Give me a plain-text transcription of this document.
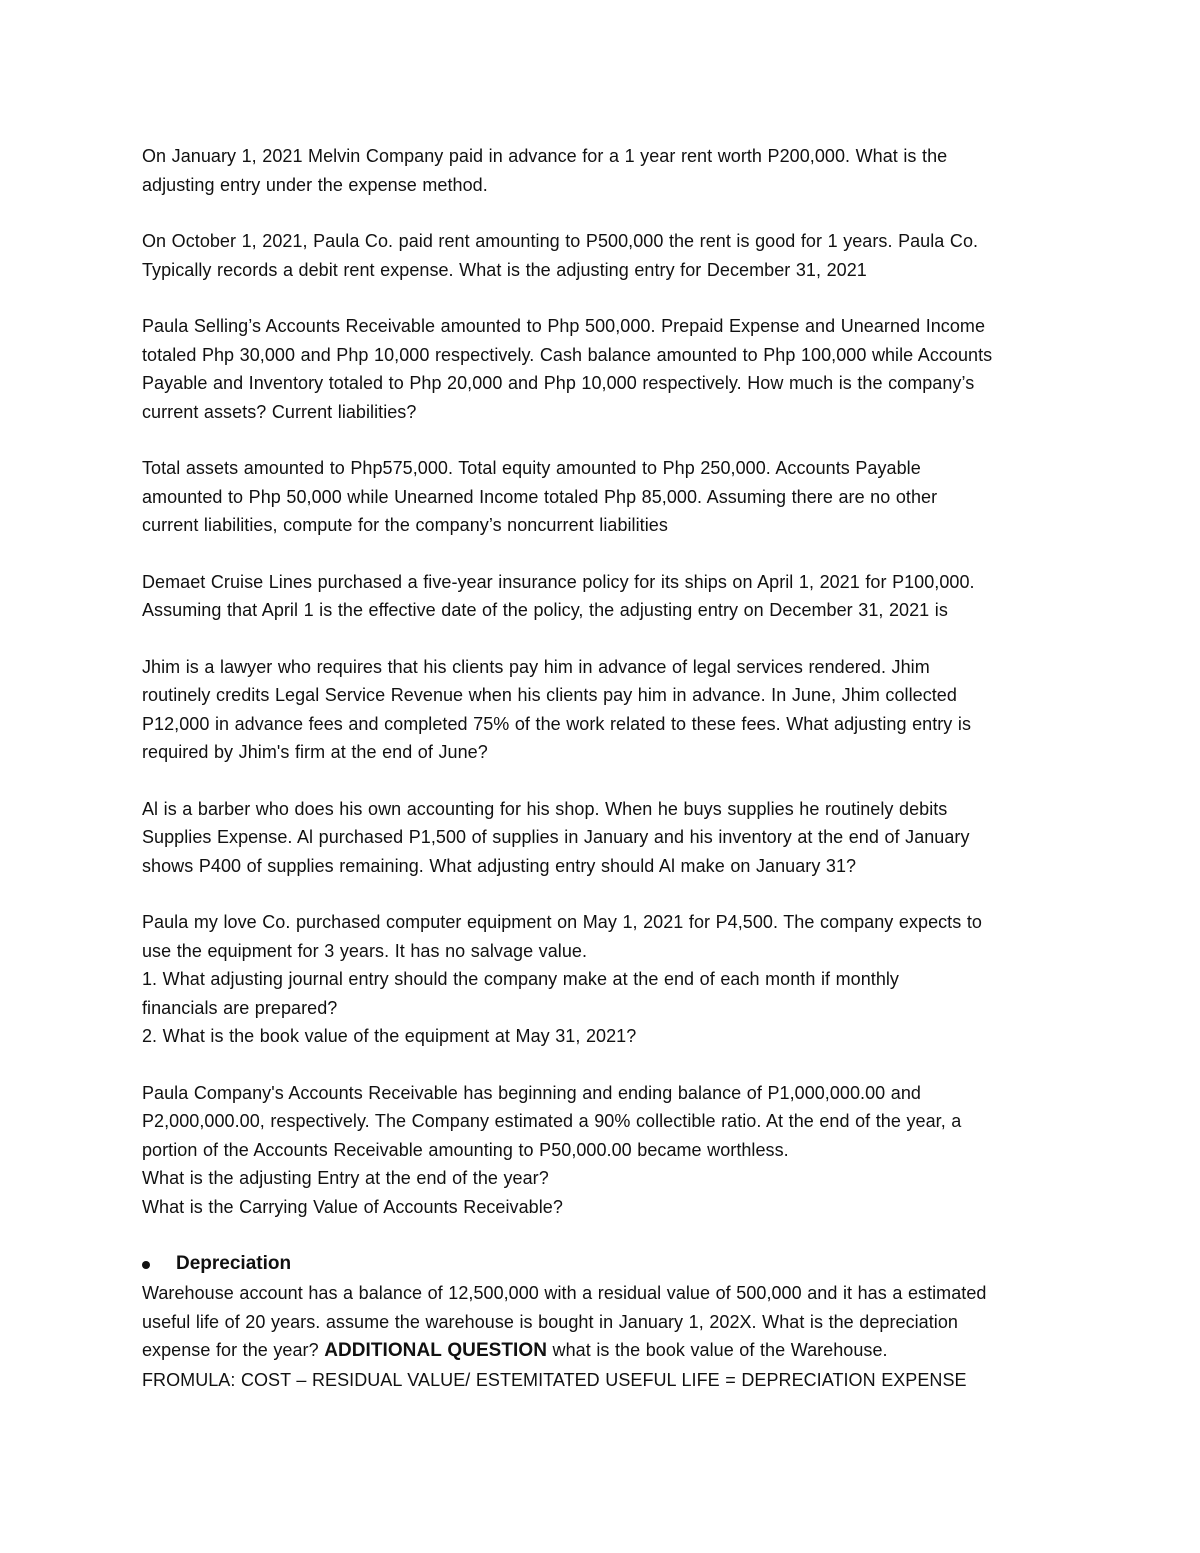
On January 1, 2021 Melvin Company paid in advance for a 1 year rent worth P200,000. What is the
adjusting entry under the expense method.

On October 1, 2021, Paula Co. paid rent amounting to P500,000 the rent is good for 1 years. Paula Co.
Typically records a debit rent expense. What is the adjusting entry for December 31, 2021

Paula Selling’s Accounts Receivable amounted to Php 500,000. Prepaid Expense and Unearned Income
totaled Php 30,000 and Php 10,000 respectively. Cash balance amounted to Php 100,000 while Accounts
Payable and Inventory totaled to Php 20,000 and Php 10,000 respectively. How much is the company’s
current assets? Current liabilities?

Total assets amounted to Php575,000. Total equity amounted to Php 250,000. Accounts Payable
amounted to Php 50,000 while Unearned Income totaled Php 85,000. Assuming there are no other
current liabilities, compute for the company’s noncurrent liabilities

Demaet Cruise Lines purchased a five-year insurance policy for its ships on April 1, 2021 for P100,000.
Assuming that April 1 is the effective date of the policy, the adjusting entry on December 31, 2021 is

Jhim is a lawyer who requires that his clients pay him in advance of legal services rendered. Jhim
routinely credits Legal Service Revenue when his clients pay him in advance. In June, Jhim collected
P12,000 in advance fees and completed 75% of the work related to these fees. What adjusting entry is
required by Jhim's firm at the end of June?

Al is a barber who does his own accounting for his shop. When he buys supplies he routinely debits
Supplies Expense. Al purchased P1,500 of supplies in January and his inventory at the end of January
shows P400 of supplies remaining. What adjusting entry should Al make on January 31?

Paula my love Co. purchased computer equipment on May 1, 2021 for P4,500. The company expects to
use the equipment for 3 years. It has no salvage value.
1. What adjusting journal entry should the company make at the end of each month if monthly
financials are prepared?
2. What is the book value of the equipment at May 31, 2021?

Paula Company's Accounts Receivable has beginning and ending balance of P1,000,000.00 and
P2,000,000.00, respectively. The Company estimated a 90% collectible ratio. At the end of the year, a
portion of the Accounts Receivable amounting to P50,000.00 became worthless.
What is the adjusting Entry at the end of the year?
What is the Carrying Value of Accounts Receivable?

Depreciation

Warehouse account has a balance of 12,500,000 with a residual value of 500,000 and it has a estimated
useful life of 20 years. assume the warehouse is bought in January 1, 202X. What is the depreciation
expense for the year? ADDITIONAL QUESTION what is the book value of the Warehouse.
FROMULA: COST – RESIDUAL VALUE/ ESTEMITATED USEFUL LIFE = DEPRECIATION EXPENSE
